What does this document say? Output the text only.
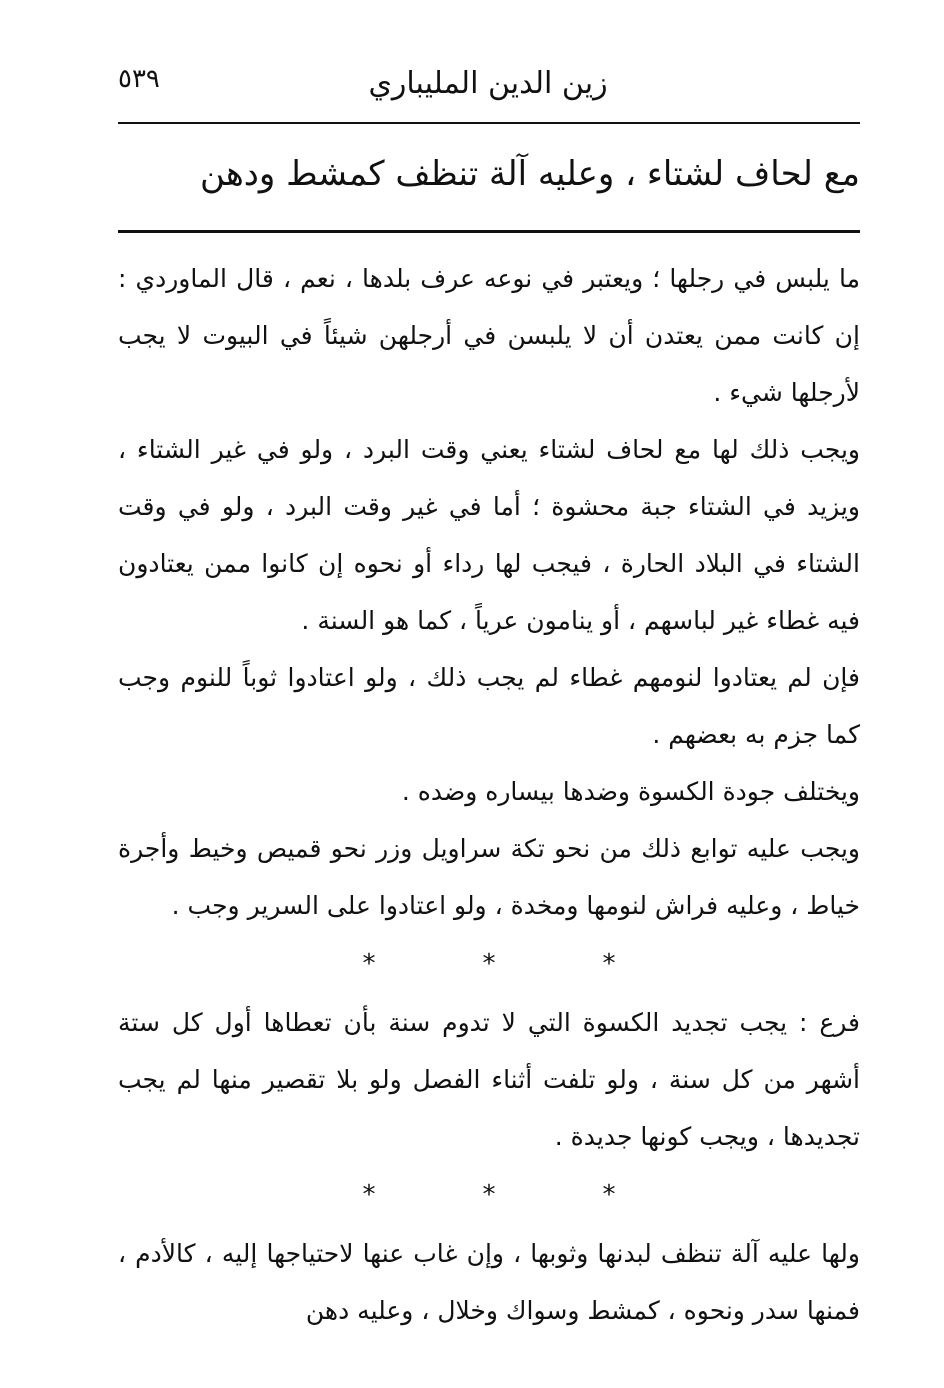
٥٣٩	زين الدين المليباري
مع لحاف لشتاء ، وعليه آلة تنظف كمشط ودهن

ما يلبس في رجلها ؛ ويعتبر في نوعه عرف بلدها ، نعم ، قال الماوردي : إن كانت ممن يعتدن أن لا يلبسن في أرجلهن شيئاً في البيوت لا يجب لأرجلها شيء .

ويجب ذلك لها مع لحاف لشتاء يعني وقت البرد ، ولو في غير الشتاء ، ويزيد في الشتاء جبة محشوة ؛ أما في غير وقت البرد ، ولو في وقت الشتاء في البلاد الحارة ، فيجب لها رداء أو نحوه إن كانوا ممن يعتادون فيه غطاء غير لباسهم ، أو ينامون عرياً ، كما هو السنة .

فإن لم يعتادوا لنومهم غطاء لم يجب ذلك ، ولو اعتادوا ثوباً للنوم وجب كما جزم به بعضهم .

ويختلف جودة الكسوة وضدها بيساره وضده .

ويجب عليه توابع ذلك من نحو تكة سراويل وزر نحو قميص وخيط وأجرة خياط ، وعليه فراش لنومها ومخدة ، ولو اعتادوا على السرير وجب .

***

فرع : يجب تجديد الكسوة التي لا تدوم سنة بأن تعطاها أول كل ستة أشهر من كل سنة ، ولو تلفت أثناء الفصل ولو بلا تقصير منها لم يجب تجديدها ، ويجب كونها جديدة .

***

ولها عليه آلة تنظف لبدنها وثوبها ، وإن غاب عنها لاحتياجها إليه ، كالأدم ، فمنها سدر ونحوه ، كمشط وسواك وخلال ، وعليه دهن
